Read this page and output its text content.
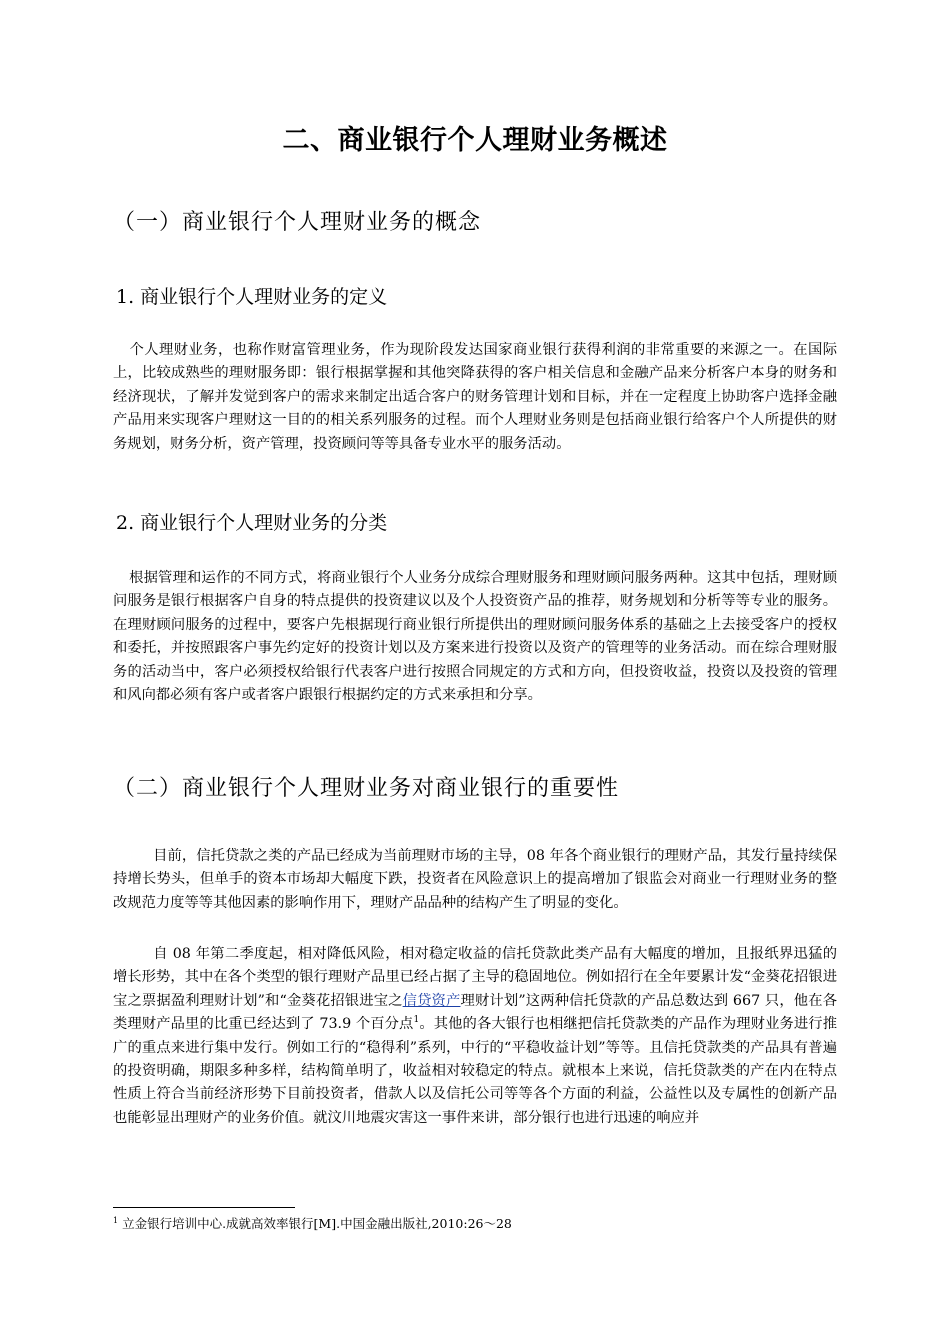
二、商业银行个人理财业务概述
（一）商业银行个人理财业务的概念
1. 商业银行个人理财业务的定义

个人理财业务，也称作财富管理业务，作为现阶段发达国家商业银行获得利润的非常重要的来源之一。在国际上，比较成熟些的理财服务即：银行根据掌握和其他突降获得的客户相关信息和金融产品来分析客户本身的财务和经济现状，了解并发觉到客户的需求来制定出适合客户的财务管理计划和目标，并在一定程度上协助客户选择金融产品用来实现客户理财这一目的的相关系列服务的过程。而个人理财业务则是包括商业银行给客户个人所提供的财务规划，财务分析，资产管理，投资顾问等等具备专业水平的服务活动。

2. 商业银行个人理财业务的分类

根据管理和运作的不同方式，将商业银行个人业务分成综合理财服务和理财顾问服务两种。这其中包括，理财顾问服务是银行根据客户自身的特点提供的投资建议以及个人投资资产品的推荐，财务规划和分析等等专业的服务。在理财顾问服务的过程中，要客户先根据现行商业银行所提供出的理财顾问服务体系的基础之上去接受客户的授权和委托，并按照跟客户事先约定好的投资计划以及方案来进行投资以及资产的管理等的业务活动。而在综合理财服务的活动当中，客户必须授权给银行代表客户进行按照合同规定的方式和方向，但投资收益，投资以及投资的管理和风向都必须有客户或者客户跟银行根据约定的方式来承担和分享。

（二）商业银行个人理财业务对商业银行的重要性

目前，信托贷款之类的产品已经成为当前理财市场的主导，08 年各个商业银行的理财产品，其发行量持续保持增长势头，但单手的资本市场却大幅度下跌，投资者在风险意识上的提高增加了银监会对商业一行理财业务的整改规范力度等等其他因素的影响作用下，理财产品品种的结构产生了明显的变化。

自 08 年第二季度起，相对降低风险，相对稳定收益的信托贷款此类产品有大幅度的增加，且报纸界迅猛的增长形势，其中在各个类型的银行理财产品里已经占据了主导的稳固地位。例如招行在全年要累计发“金葵花招银进宝之票据盈利理财计划”和“金葵花招银进宝之信贷资产理财计划”这两种信托贷款的产品总数达到 667 只，他在各类理财产品里的比重已经达到了 73.9 个百分点$^1$。其他的各大银行也相继把信托贷款类的产品作为理财业务进行推广的重点来进行集中发行。例如工行的“稳得利”系列，中行的“平稳收益计划”等等。且信托贷款类的产品具有普遍的投资明确，期限多种多样，结构简单明了，收益相对较稳定的特点。就根本上来说，信托贷款类的产在内在特点性质上符合当前经济形势下目前投资者，借款人以及信托公司等等各个方面的利益，公益性以及专属性的创新产品也能彰显出理财产的业务价值。就汶川地震灾害这一事件来讲，部分银行也进行迅速的响应并

$^1$ 立金银行培训中心.成就高效率银行[M].中国金融出版社,2010:26～28
